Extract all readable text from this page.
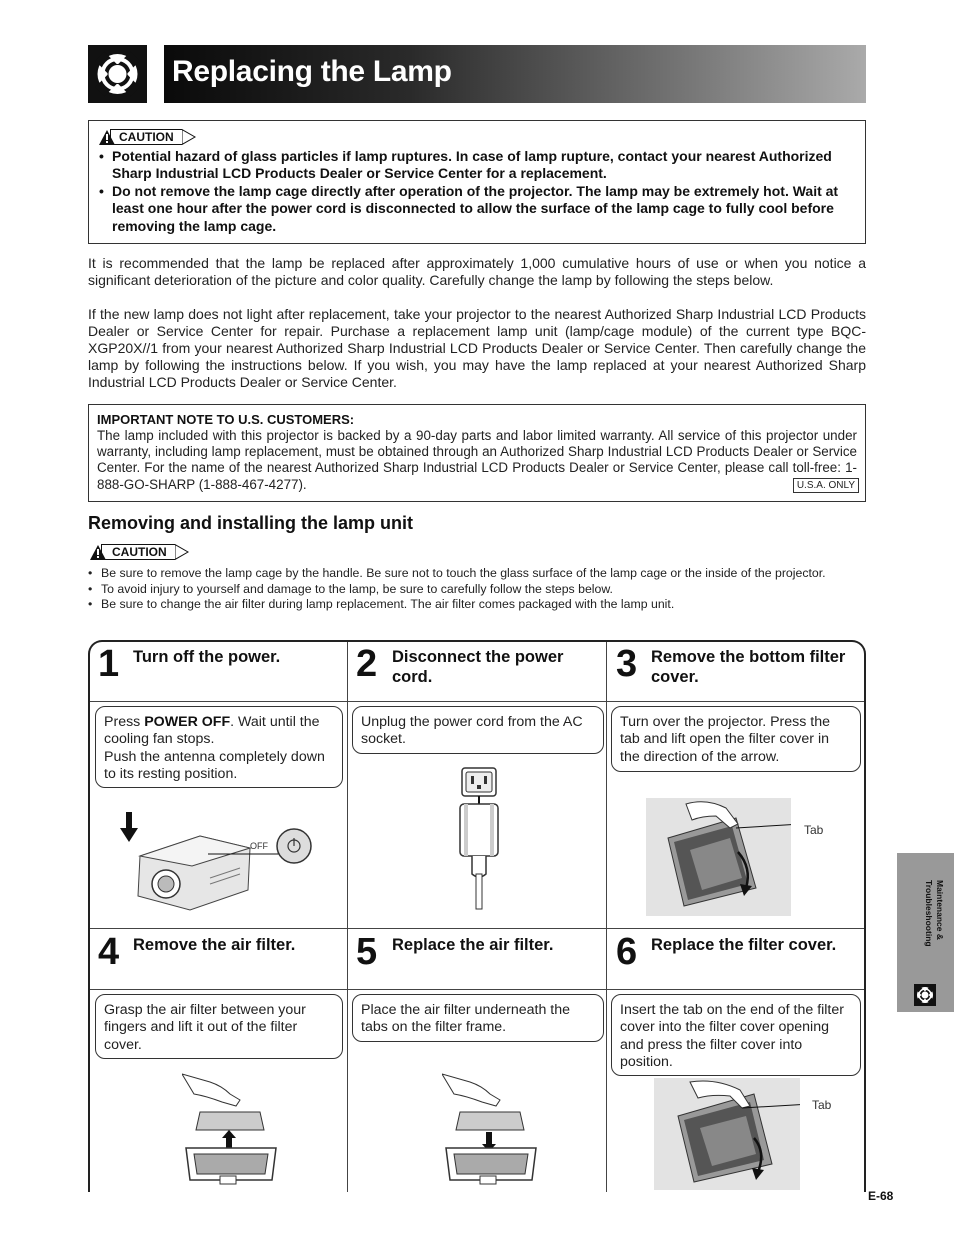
Replacing the Lamp
CAUTION
• Potential hazard of glass particles if lamp ruptures. In case of lamp rupture, contact your nearest Authorized Sharp Industrial LCD Products Dealer or Service Center for a replacement.
• Do not remove the lamp cage directly after operation of the projector. The lamp may be extremely hot. Wait at least one hour after the power cord is disconnected to allow the surface of the lamp cage to fully cool before removing the lamp cage.

It is recommended that the lamp be replaced after approximately 1,000 cumulative hours of use or when you notice a significant deterioration of the picture and color quality. Carefully change the lamp by following the steps below.

If the new lamp does not light after replacement, take your projector to the nearest Authorized Sharp Industrial LCD Products Dealer or Service Center for repair. Purchase a replacement lamp unit (lamp/cage module) of the current type BQC-XGP20X//1 from your nearest Authorized Sharp Industrial LCD Products Dealer or Service Center. Then carefully change the lamp by following the instructions below. If you wish, you may have the lamp replaced at your nearest Authorized Sharp Industrial LCD Products Dealer or Service Center.

IMPORTANT NOTE TO U.S. CUSTOMERS:
The lamp included with this projector is backed by a 90-day parts and labor limited warranty. All service of this projector under warranty, including lamp replacement, must be obtained through an Authorized Sharp Industrial LCD Products Dealer or Service Center. For the name of the nearest Authorized Sharp Industrial LCD Products Dealer or Service Center, please call toll-free: 1-888-GO-SHARP (1-888-467-4277).	U.S.A. ONLY
Removing and installing the lamp unit
CAUTION
• Be sure to remove the lamp cage by the handle. Be sure not to touch the glass surface of the lamp cage or the inside of the projector.
• To avoid injury to yourself and damage to the lamp, be sure to carefully follow the steps below.
• Be sure to change the air filter during lamp replacement. The air filter comes packaged with the lamp unit.
1 Turn off the power.
Press POWER OFF. Wait until the cooling fan stops.
Push the antenna completely down to its resting position.
OFF
2 Disconnect the power cord.
Unplug the power cord from the AC socket.
3 Remove the bottom filter cover.
Turn over the projector. Press the tab and lift open the filter cover in the direction of the arrow.
Tab
4 Remove the air filter.
Grasp the air filter between your fingers and lift it out of the filter cover.
5 Replace the air filter.
Place the air filter underneath the tabs on the filter frame.
6 Replace the filter cover.
Insert the tab on the end of the filter cover into the filter cover opening and press the filter cover into position.
Tab
Maintenance &
Troubleshooting
E-68
